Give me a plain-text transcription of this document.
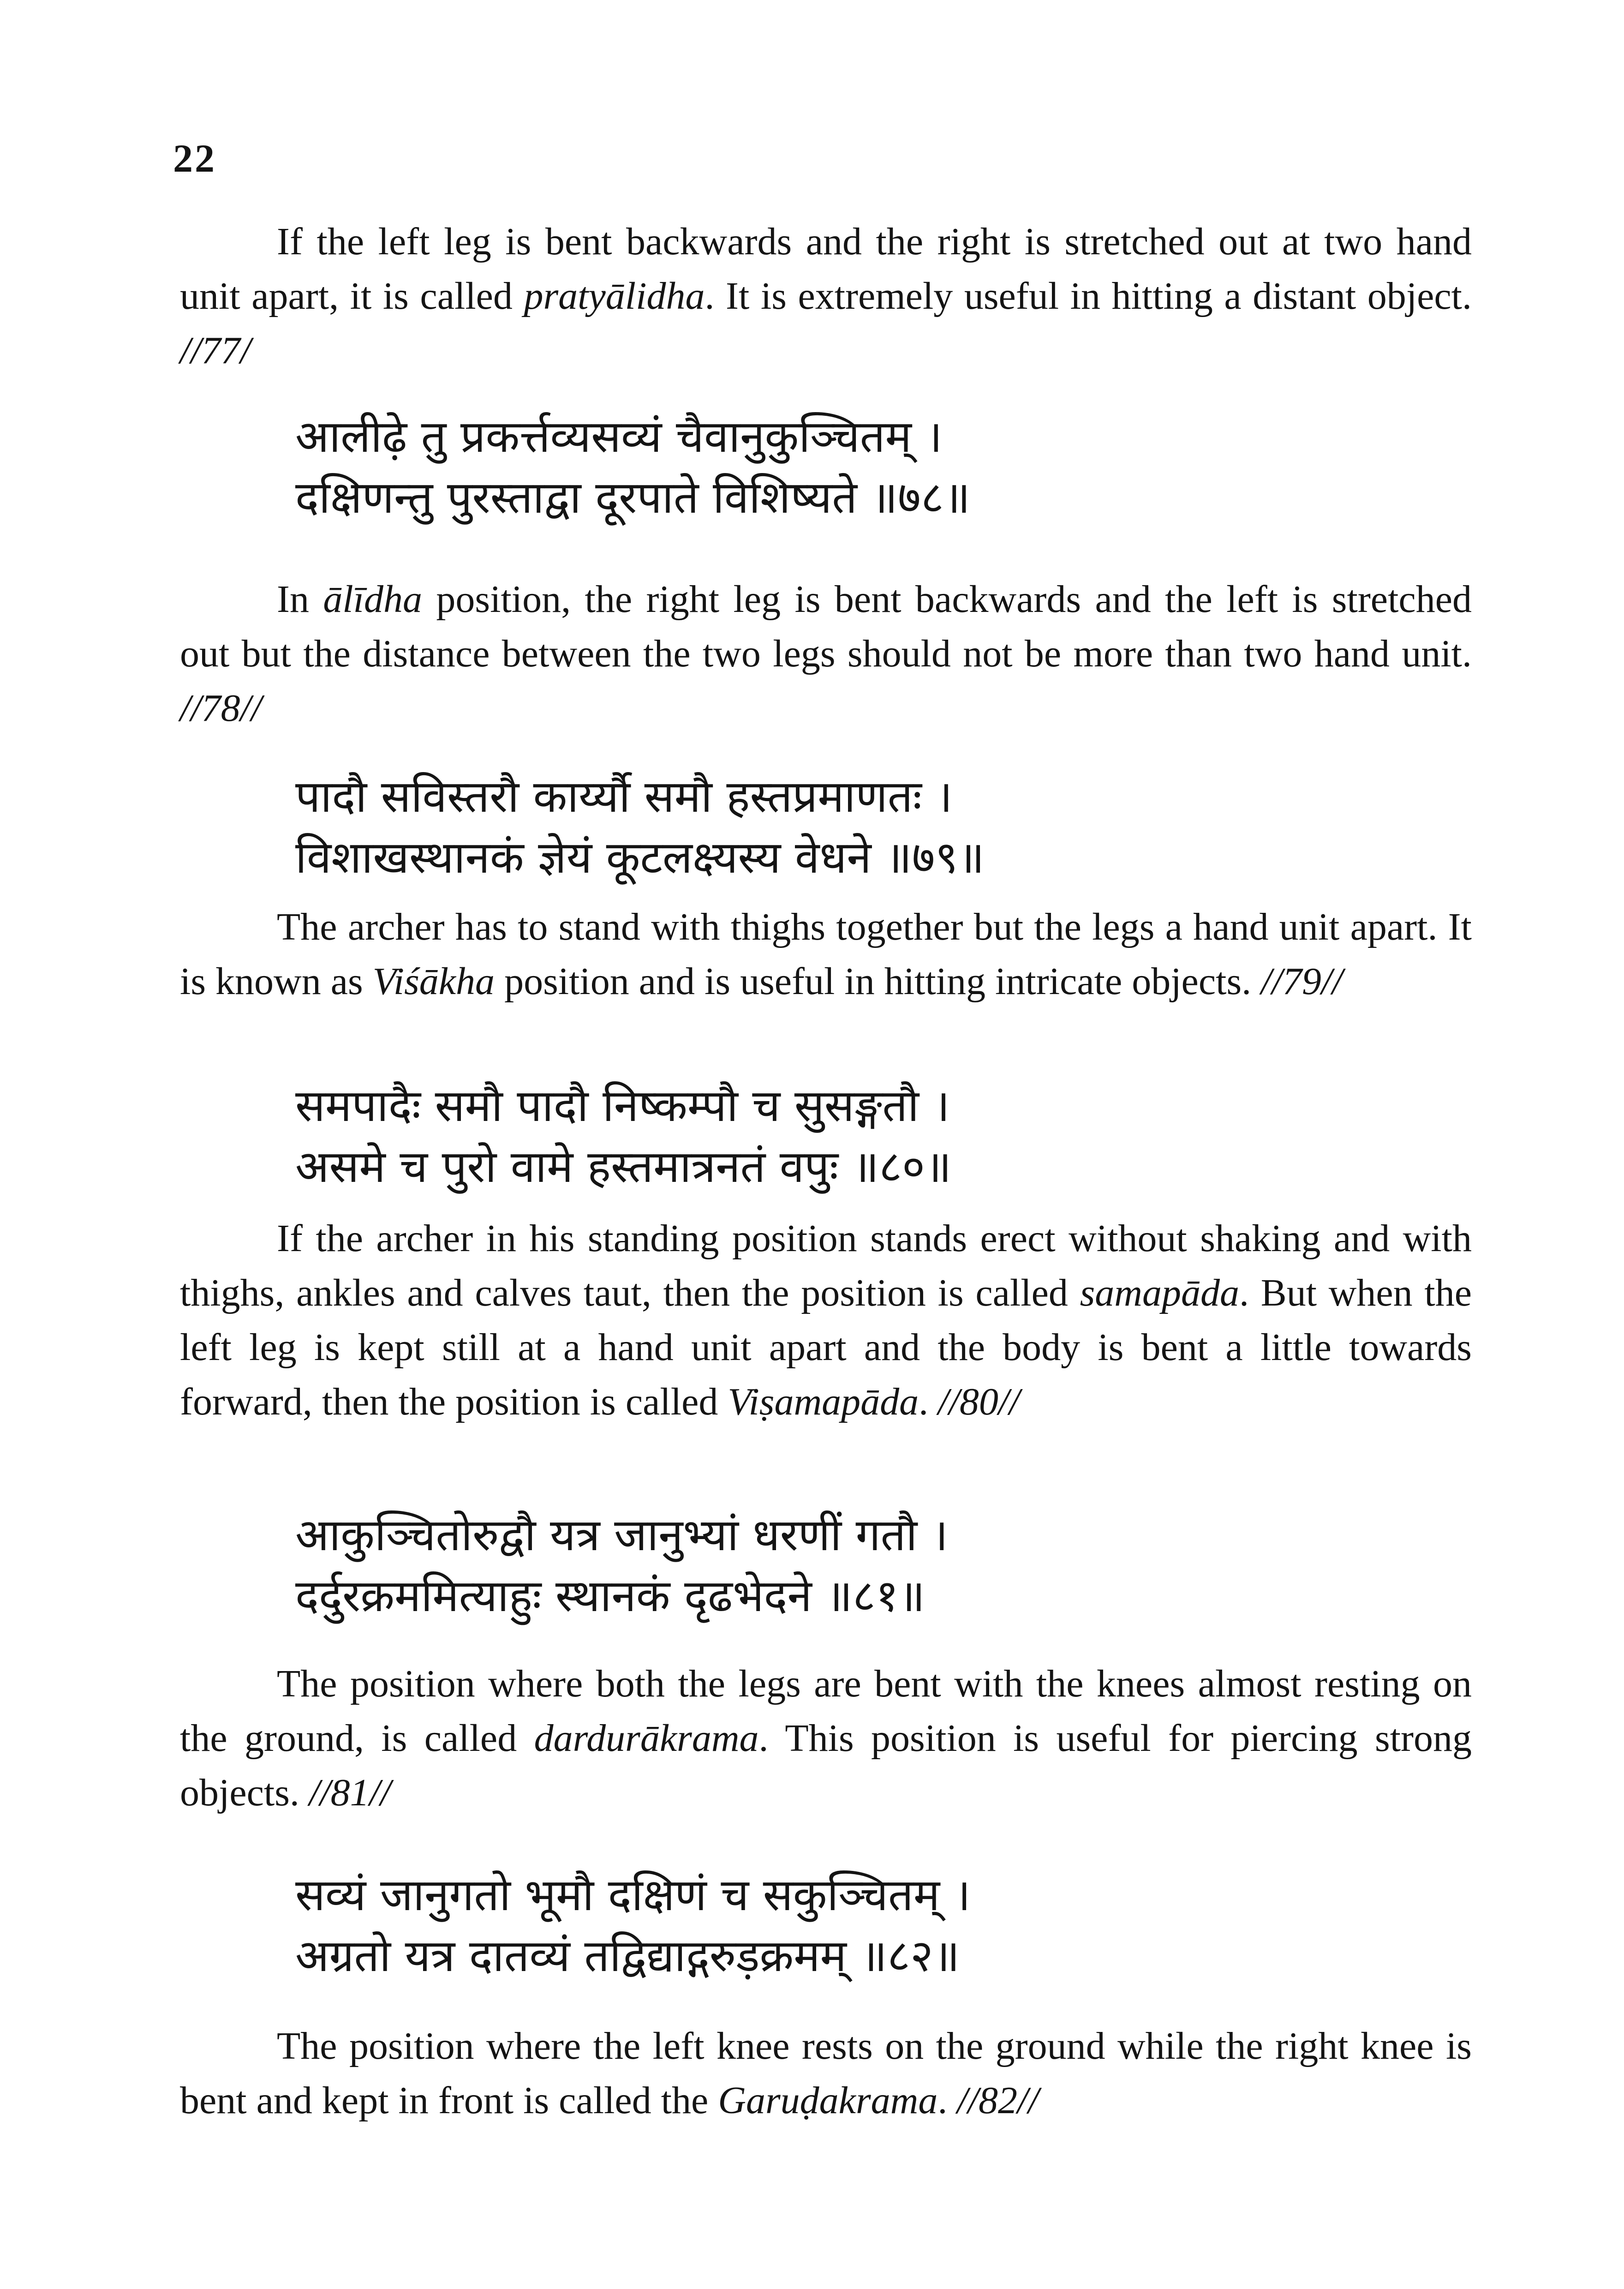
22

If the left leg is bent backwards and the right is stretched out at two hand unit apart, it is called pratyālidha. It is extremely useful in hitting a distant object. //77/

आलीढ़े तु प्रकर्त्तव्यसव्यं चैवानुकुञ्चितम् ।
दक्षिणन्तु पुरस्ताद्वा दूरपाते विशिष्यते ॥७८॥

In ālīdha position, the right leg is bent backwards and the left is stretched out but the distance between the two legs should not be more than two hand unit. //78//

पादौ सविस्तरौ कार्य्यौ समौ हस्तप्रमाणतः ।
विशाखस्थानकं ज्ञेयं कूटलक्ष्यस्य वेधने ॥७९॥

The archer has to stand with thighs together but the legs a hand unit apart. It is known as Viśākha position and is useful in hitting intricate objects. //79//

समपादैः समौ पादौ निष्कम्पौ च सुसङ्गतौ ।
असमे च पुरो वामे हस्तमात्रनतं वपुः ॥८०॥

If the archer in his standing position stands erect without shaking and with thighs, ankles and calves taut, then the position is called samapāda. But when the left leg is kept still at a hand unit apart and the body is bent a little towards forward, then the position is called Viṣamapāda. //80//

आकुञ्चितोरुद्वौ यत्र जानुभ्यां धरणीं गतौ ।
दर्दुरक्रममित्याहुः स्थानकं दृढभेदने ॥८१॥

The position where both the legs are bent with the knees almost resting on the ground, is called dardurākrama. This position is useful for piercing strong objects. //81//

सव्यं जानुगतो भूमौ दक्षिणं च सकुञ्चितम् ।
अग्रतो यत्र दातव्यं तद्विद्याद्गरुड़क्रमम् ॥८२॥

The position where the left knee rests on the ground while the right knee is bent and kept in front is called the Garuḍakrama. //82//
